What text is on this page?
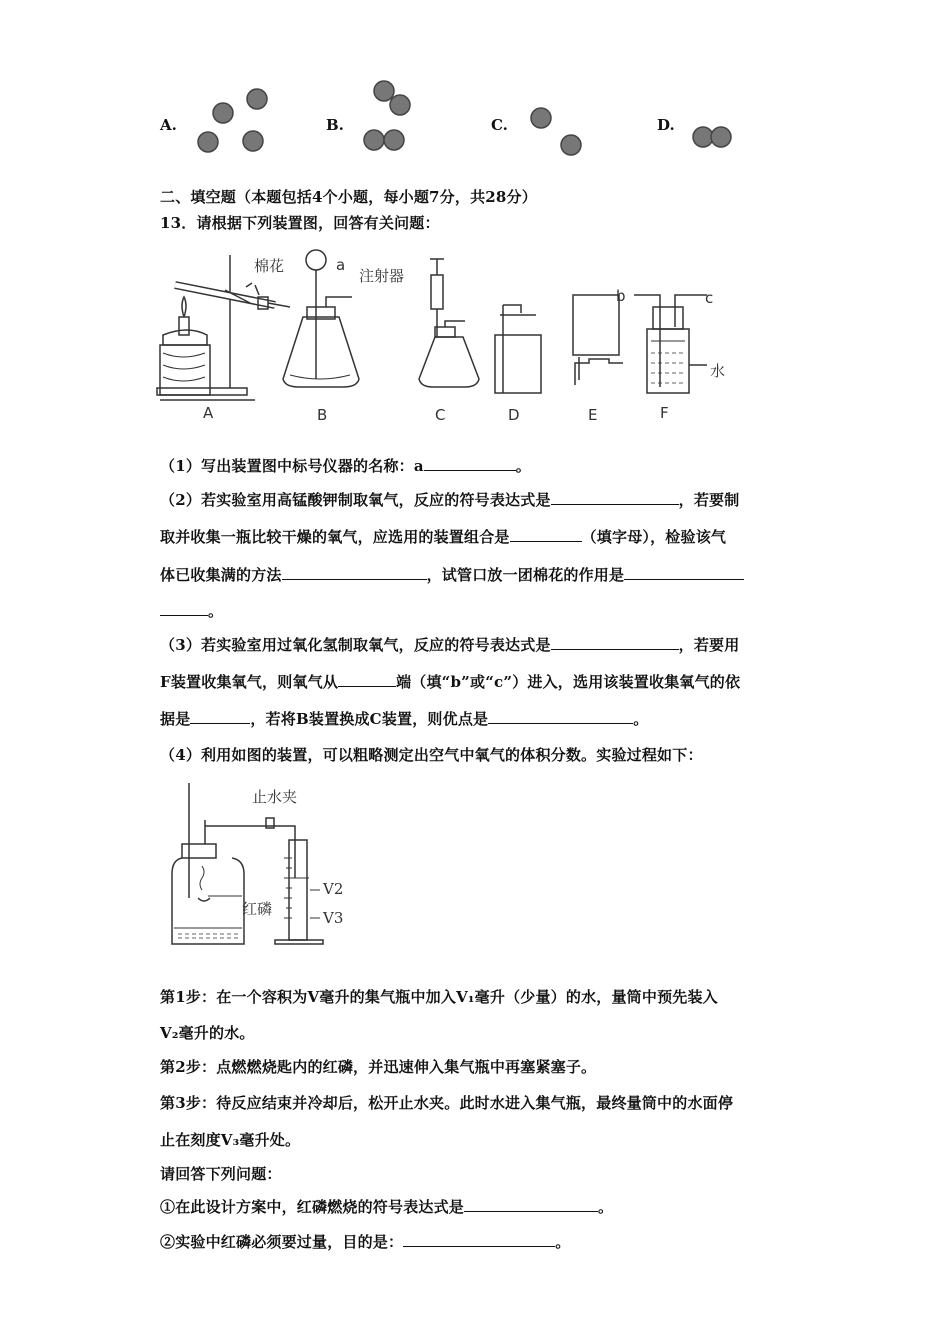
A.	B.	C.	D.
二、填空题（本题包括4个小题，每小题7分，共28分）
13．请根据下列装置图，回答有关问题：
棉花	a
注射器
b	c
水
A	B	C	D	E	F
（1）写出装置图中标号仪器的名称：a	。
（2）若实验室用高锰酸钾制取氧气，反应的符号表达式是	，若要制
取并收集一瓶比较干燥的氧气，应选用的装置组合是	（填字母），检验该气
体已收集满的方法	，试管口放一团棉花的作用是
。
（3）若实验室用过氧化氢制取氧气，反应的符号表达式是	，若要用
F装置收集氧气，则氧气从	端（填“b”或“c”）进入，选用该装置收集氧气的依
据是	，若将B装置换成C装置，则优点是	。
（4）利用如图的装置，可以粗略测定出空气中氧气的体积分数。实验过程如下：
止水夹
红磷
V2
V3
第1步：在一个容积为V毫升的集气瓶中加入V₁毫升（少量）的水，量筒中预先装入
V₂毫升的水。
第2步：点燃燃烧匙内的红磷，并迅速伸入集气瓶中再塞紧塞子。
第3步：待反应结束并冷却后，松开止水夹。此时水进入集气瓶，最终量筒中的水面停
止在刻度V₃毫升处。
请回答下列问题：
①在此设计方案中，红磷燃烧的符号表达式是	。
②实验中红磷必须要过量，目的是：	。
